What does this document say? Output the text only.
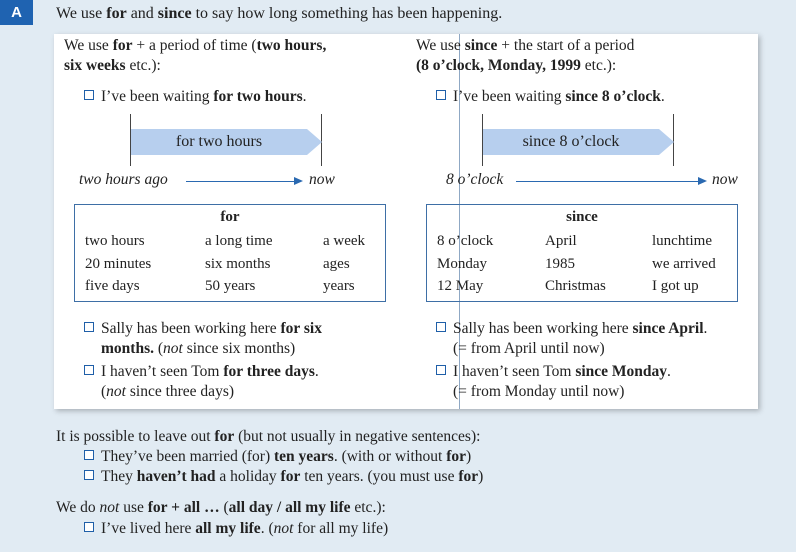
A	We use for and since to say how long something has been happening.
We use for + a period of time (two hours,
six weeks etc.):
I’ve been waiting for two hours.
for two hours
two hours ago	now
for
two hours	a long time	a week
20 minutes	six months	ages
five days	50 years	years
Sally has been working here for six
months. (not since six months)
I haven’t seen Tom for three days.
(not since three days)
We use since + the start of a period
(8 o’clock, Monday, 1999 etc.):
I’ve been waiting since 8 o’clock.
since 8 o’clock
8 o’clock	now
since
8 o’clock	April	lunchtime
Monday	1985	we arrived
12 May	Christmas	I got up
Sally has been working here since April.
(= from April until now)
I haven’t seen Tom since Monday.
(= from Monday until now)
It is possible to leave out for (but not usually in negative sentences):
They’ve been married (for) ten years. (with or without for)
They haven’t had a holiday for ten years. (you must use for)
We do not use for + all … (all day / all my life etc.):
I’ve lived here all my life. (not for all my life)
